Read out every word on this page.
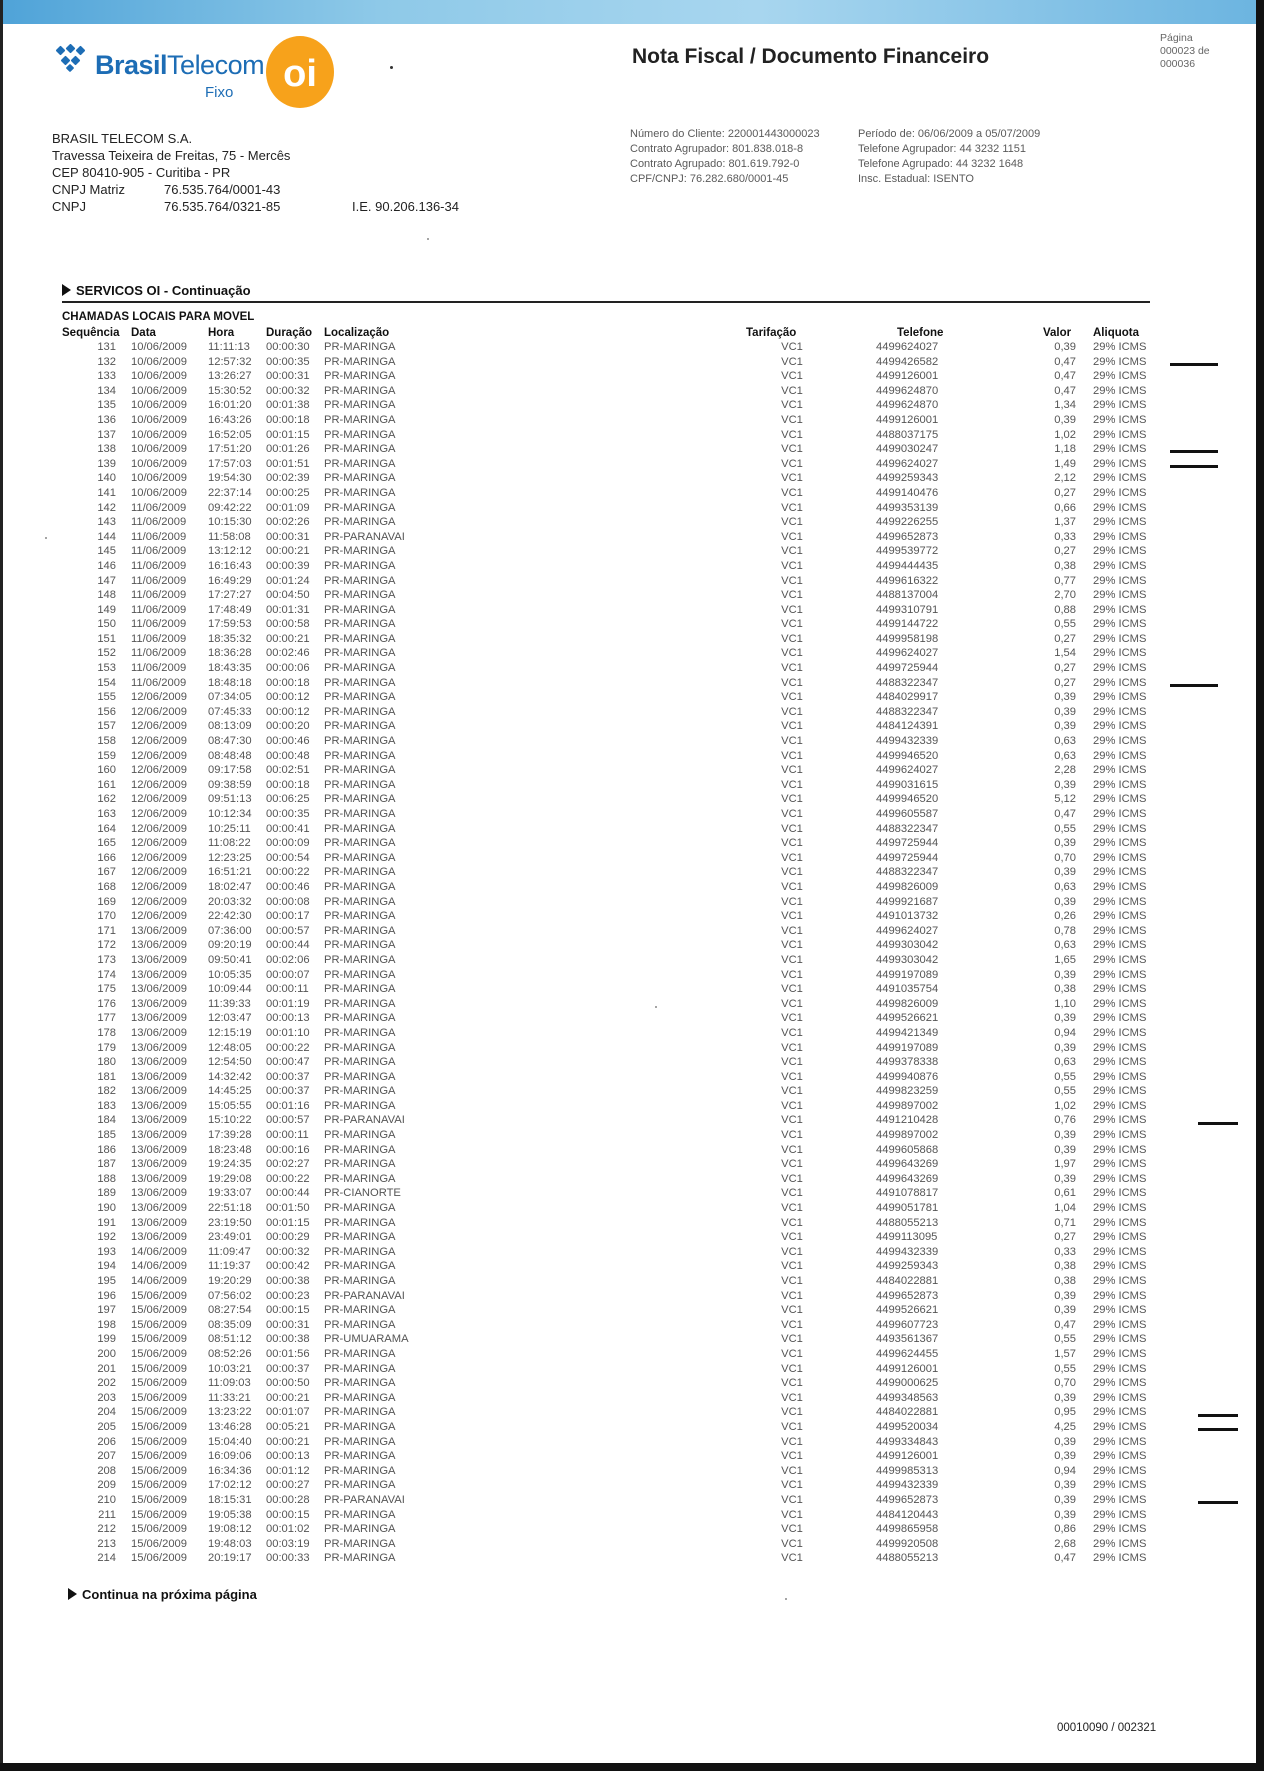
BrasilTelecom
Fixo oi	Nota Fiscal / Documento Financeiro
Página
000023 de
000036
BRASIL TELECOM S.A.
Travessa Teixeira de Freitas, 75 - Mercês
CEP 80410-905 - Curitiba - PR
CNPJ Matriz	76.535.764/0001-43
CNPJ	76.535.764/0321-85	I.E. 90.206.136-34
Número do Cliente: 220001443000023
Contrato Agrupador: 801.838.018-8
Contrato Agrupado: 801.619.792-0
CPF/CNPJ: 76.282.680/0001-45
Período de: 06/06/2009 a 05/07/2009
Telefone Agrupador: 44 3232 1151
Telefone Agrupado: 44 3232 1648
Insc. Estadual: ISENTO
SERVICOS OI - Continuação
CHAMADAS LOCAIS PARA MOVEL
Sequência Data	Hora	Duração Localização	Tarifação	Telefone	Valor Aliquota
131 10/06/2009 11:11:13 00:00:30 PR-MARINGA	VC1	4499624027	0,39 29% ICMS
132 10/06/2009 12:57:32 00:00:35 PR-MARINGA	VC1	4499426582	0,47 29% ICMS
133 10/06/2009 13:26:27 00:00:31 PR-MARINGA	VC1	4499126001	0,47 29% ICMS
134 10/06/2009 15:30:52 00:00:32 PR-MARINGA	VC1	4499624870	0,47 29% ICMS
135 10/06/2009 16:01:20 00:01:38 PR-MARINGA	VC1	4499624870	1,34 29% ICMS
136 10/06/2009 16:43:26 00:00:18 PR-MARINGA	VC1	4499126001	0,39 29% ICMS
137 10/06/2009 16:52:05 00:01:15 PR-MARINGA	VC1	4488037175	1,02 29% ICMS
138 10/06/2009 17:51:20 00:01:26 PR-MARINGA	VC1	4499030247	1,18 29% ICMS
139 10/06/2009 17:57:03 00:01:51 PR-MARINGA	VC1	4499624027	1,49 29% ICMS
140 10/06/2009 19:54:30 00:02:39 PR-MARINGA	VC1	4499259343	2,12 29% ICMS
141 10/06/2009 22:37:14 00:00:25 PR-MARINGA	VC1	4499140476	0,27 29% ICMS
142 11/06/2009 09:42:22 00:01:09 PR-MARINGA	VC1	4499353139	0,66 29% ICMS
143 11/06/2009 10:15:30 00:02:26 PR-MARINGA	VC1	4499226255	1,37 29% ICMS
144 11/06/2009 11:58:08 00:00:31 PR-PARANAVAI	VC1	4499652873	0,33 29% ICMS
145 11/06/2009 13:12:12 00:00:21 PR-MARINGA	VC1	4499539772	0,27 29% ICMS
146 11/06/2009 16:16:43 00:00:39 PR-MARINGA	VC1	4499444435	0,38 29% ICMS
147 11/06/2009 16:49:29 00:01:24 PR-MARINGA	VC1	4499616322	0,77 29% ICMS
148 11/06/2009 17:27:27 00:04:50 PR-MARINGA	VC1	4488137004	2,70 29% ICMS
149 11/06/2009 17:48:49 00:01:31 PR-MARINGA	VC1	4499310791	0,88 29% ICMS
150 11/06/2009 17:59:53 00:00:58 PR-MARINGA	VC1	4499144722	0,55 29% ICMS
151 11/06/2009 18:35:32 00:00:21 PR-MARINGA	VC1	4499958198	0,27 29% ICMS
152 11/06/2009 18:36:28 00:02:46 PR-MARINGA	VC1	4499624027	1,54 29% ICMS
153 11/06/2009 18:43:35 00:00:06 PR-MARINGA	VC1	4499725944	0,27 29% ICMS
154 11/06/2009 18:48:18 00:00:18 PR-MARINGA	VC1	4488322347	0,27 29% ICMS
155 12/06/2009 07:34:05 00:00:12 PR-MARINGA	VC1	4484029917	0,39 29% ICMS
156 12/06/2009 07:45:33 00:00:12 PR-MARINGA	VC1	4488322347	0,39 29% ICMS
157 12/06/2009 08:13:09 00:00:20 PR-MARINGA	VC1	4484124391	0,39 29% ICMS
158 12/06/2009 08:47:30 00:00:46 PR-MARINGA	VC1	4499432339	0,63 29% ICMS
159 12/06/2009 08:48:48 00:00:48 PR-MARINGA	VC1	4499946520	0,63 29% ICMS
160 12/06/2009 09:17:58 00:02:51 PR-MARINGA	VC1	4499624027	2,28 29% ICMS
161 12/06/2009 09:38:59 00:00:18 PR-MARINGA	VC1	4499031615	0,39 29% ICMS
162 12/06/2009 09:51:13 00:06:25 PR-MARINGA	VC1	4499946520	5,12 29% ICMS
163 12/06/2009 10:12:34 00:00:35 PR-MARINGA	VC1	4499605587	0,47 29% ICMS
164 12/06/2009 10:25:11 00:00:41 PR-MARINGA	VC1	4488322347	0,55 29% ICMS
165 12/06/2009 11:08:22 00:00:09 PR-MARINGA	VC1	4499725944	0,39 29% ICMS
166 12/06/2009 12:23:25 00:00:54 PR-MARINGA	VC1	4499725944	0,70 29% ICMS
167 12/06/2009 16:51:21 00:00:22 PR-MARINGA	VC1	4488322347	0,39 29% ICMS
168 12/06/2009 18:02:47 00:00:46 PR-MARINGA	VC1	4499826009	0,63 29% ICMS
169 12/06/2009 20:03:32 00:00:08 PR-MARINGA	VC1	4499921687	0,39 29% ICMS
170 12/06/2009 22:42:30 00:00:17 PR-MARINGA	VC1	4491013732	0,26 29% ICMS
171 13/06/2009 07:36:00 00:00:57 PR-MARINGA	VC1	4499624027	0,78 29% ICMS
172 13/06/2009 09:20:19 00:00:44 PR-MARINGA	VC1	4499303042	0,63 29% ICMS
173 13/06/2009 09:50:41 00:02:06 PR-MARINGA	VC1	4499303042	1,65 29% ICMS
174 13/06/2009 10:05:35 00:00:07 PR-MARINGA	VC1	4499197089	0,39 29% ICMS
175 13/06/2009 10:09:44 00:00:11 PR-MARINGA	VC1	4491035754	0,38 29% ICMS
176 13/06/2009 11:39:33 00:01:19 PR-MARINGA	VC1	4499826009	1,10 29% ICMS
177 13/06/2009 12:03:47 00:00:13 PR-MARINGA	VC1	4499526621	0,39 29% ICMS
178 13/06/2009 12:15:19 00:01:10 PR-MARINGA	VC1	4499421349	0,94 29% ICMS
179 13/06/2009 12:48:05 00:00:22 PR-MARINGA	VC1	4499197089	0,39 29% ICMS
180 13/06/2009 12:54:50 00:00:47 PR-MARINGA	VC1	4499378338	0,63 29% ICMS
181 13/06/2009 14:32:42 00:00:37 PR-MARINGA	VC1	4499940876	0,55 29% ICMS
182 13/06/2009 14:45:25 00:00:37 PR-MARINGA	VC1	4499823259	0,55 29% ICMS
183 13/06/2009 15:05:55 00:01:16 PR-MARINGA	VC1	4499897002	1,02 29% ICMS
184 13/06/2009 15:10:22 00:00:57 PR-PARANAVAI	VC1	4491210428	0,76 29% ICMS
185 13/06/2009 17:39:28 00:00:11 PR-MARINGA	VC1	4499897002	0,39 29% ICMS
186 13/06/2009 18:23:48 00:00:16 PR-MARINGA	VC1	4499605868	0,39 29% ICMS
187 13/06/2009 19:24:35 00:02:27 PR-MARINGA	VC1	4499643269	1,97 29% ICMS
188 13/06/2009 19:29:08 00:00:22 PR-MARINGA	VC1	4499643269	0,39 29% ICMS
189 13/06/2009 19:33:07 00:00:44 PR-CIANORTE	VC1	4491078817	0,61 29% ICMS
190 13/06/2009 22:51:18 00:01:50 PR-MARINGA	VC1	4499051781	1,04 29% ICMS
191 13/06/2009 23:19:50 00:01:15 PR-MARINGA	VC1	4488055213	0,71 29% ICMS
192 13/06/2009 23:49:01 00:00:29 PR-MARINGA	VC1	4499113095	0,27 29% ICMS
193 14/06/2009 11:09:47 00:00:32 PR-MARINGA	VC1	4499432339	0,33 29% ICMS
194 14/06/2009 11:19:37 00:00:42 PR-MARINGA	VC1	4499259343	0,38 29% ICMS
195 14/06/2009 19:20:29 00:00:38 PR-MARINGA	VC1	4484022881	0,38 29% ICMS
196 15/06/2009 07:56:02 00:00:23 PR-PARANAVAI	VC1	4499652873	0,39 29% ICMS
197 15/06/2009 08:27:54 00:00:15 PR-MARINGA	VC1	4499526621	0,39 29% ICMS
198 15/06/2009 08:35:09 00:00:31 PR-MARINGA	VC1	4499607723	0,47 29% ICMS
199 15/06/2009 08:51:12 00:00:38 PR-UMUARAMA	VC1	4493561367	0,55 29% ICMS
200 15/06/2009 08:52:26 00:01:56 PR-MARINGA	VC1	4499624455	1,57 29% ICMS
201 15/06/2009 10:03:21 00:00:37 PR-MARINGA	VC1	4499126001	0,55 29% ICMS
202 15/06/2009 11:09:03 00:00:50 PR-MARINGA	VC1	4499000625	0,70 29% ICMS
203 15/06/2009 11:33:21 00:00:21 PR-MARINGA	VC1	4499348563	0,39 29% ICMS
204 15/06/2009 13:23:22 00:01:07 PR-MARINGA	VC1	4484022881	0,95 29% ICMS
205 15/06/2009 13:46:28 00:05:21 PR-MARINGA	VC1	4499520034	4,25 29% ICMS
206 15/06/2009 15:04:40 00:00:21 PR-MARINGA	VC1	4499334843	0,39 29% ICMS
207 15/06/2009 16:09:06 00:00:13 PR-MARINGA	VC1	4499126001	0,39 29% ICMS
208 15/06/2009 16:34:36 00:01:12 PR-MARINGA	VC1	4499985313	0,94 29% ICMS
209 15/06/2009 17:02:12 00:00:27 PR-MARINGA	VC1	4499432339	0,39 29% ICMS
210 15/06/2009 18:15:31 00:00:28 PR-PARANAVAI	VC1	4499652873	0,39 29% ICMS
211 15/06/2009 19:05:38 00:00:15 PR-MARINGA	VC1	4484120443	0,39 29% ICMS
212 15/06/2009 19:08:12 00:01:02 PR-MARINGA	VC1	4499865958	0,86 29% ICMS
213 15/06/2009 19:48:03 00:03:19 PR-MARINGA	VC1	4499920508	2,68 29% ICMS
214 15/06/2009 20:19:17 00:00:33 PR-MARINGA	VC1	4488055213	0,47 29% ICMS
Continua na próxima página
00010090 / 002321
